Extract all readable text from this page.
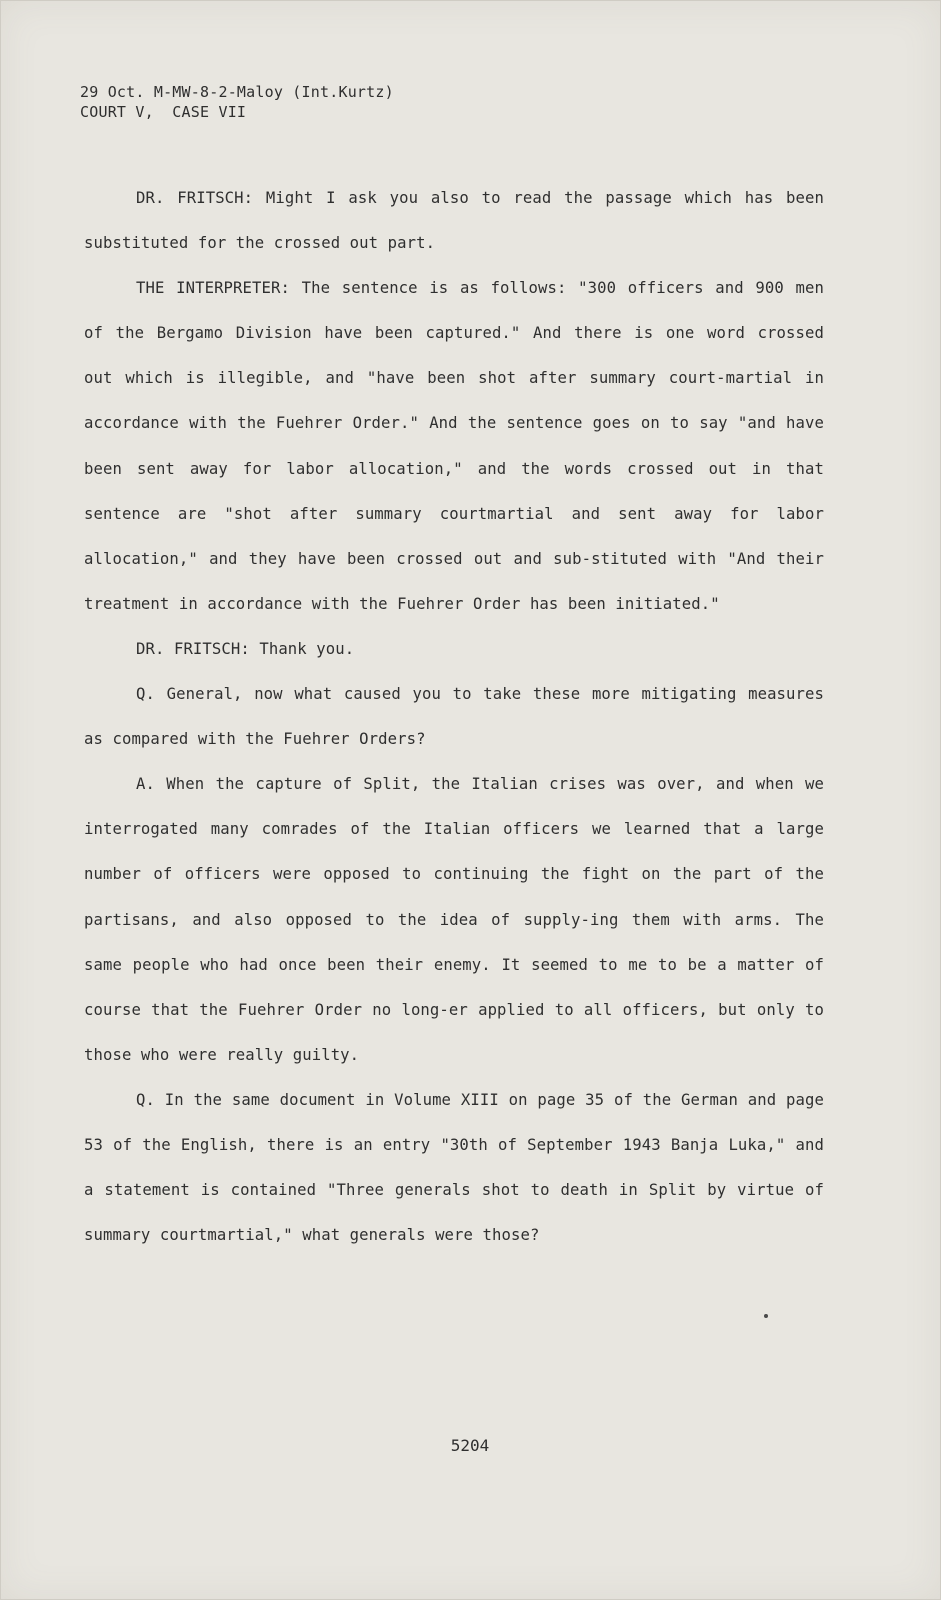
29 Oct. M-MW-8-2-Maloy (Int.Kurtz)
COURT V,  CASE VII

DR. FRITSCH: Might I ask you also to read the passage which has been substituted for the crossed out part.

THE INTERPRETER: The sentence is as follows: "300 officers and 900 men of the Bergamo Division have been captured." And there is one word crossed out which is illegible, and "have been shot after summary court-martial in accordance with the Fuehrer Order." And the sentence goes on to say "and have been sent away for labor allocation," and the words crossed out in that sentence are "shot after summary courtmartial and sent away for labor allocation," and they have been crossed out and sub-stituted with "And their treatment in accordance with the Fuehrer Order has been initiated."

DR. FRITSCH: Thank you.

Q. General, now what caused you to take these more mitigating measures as compared with the Fuehrer Orders?

A. When the capture of Split, the Italian crises was over, and when we interrogated many comrades of the Italian officers we learned that a large number of officers were opposed to continuing the fight on the part of the partisans, and also opposed to the idea of supply-ing them with arms. The same people who had once been their enemy. It seemed to me to be a matter of course that the Fuehrer Order no long-er applied to all officers, but only to those who were really guilty.

Q. In the same document in Volume XIII on page 35 of the German and page 53 of the English, there is an entry "30th of September 1943 Banja Luka," and a statement is contained "Three generals shot to death in Split by virtue of summary courtmartial," what generals were those?

5204
